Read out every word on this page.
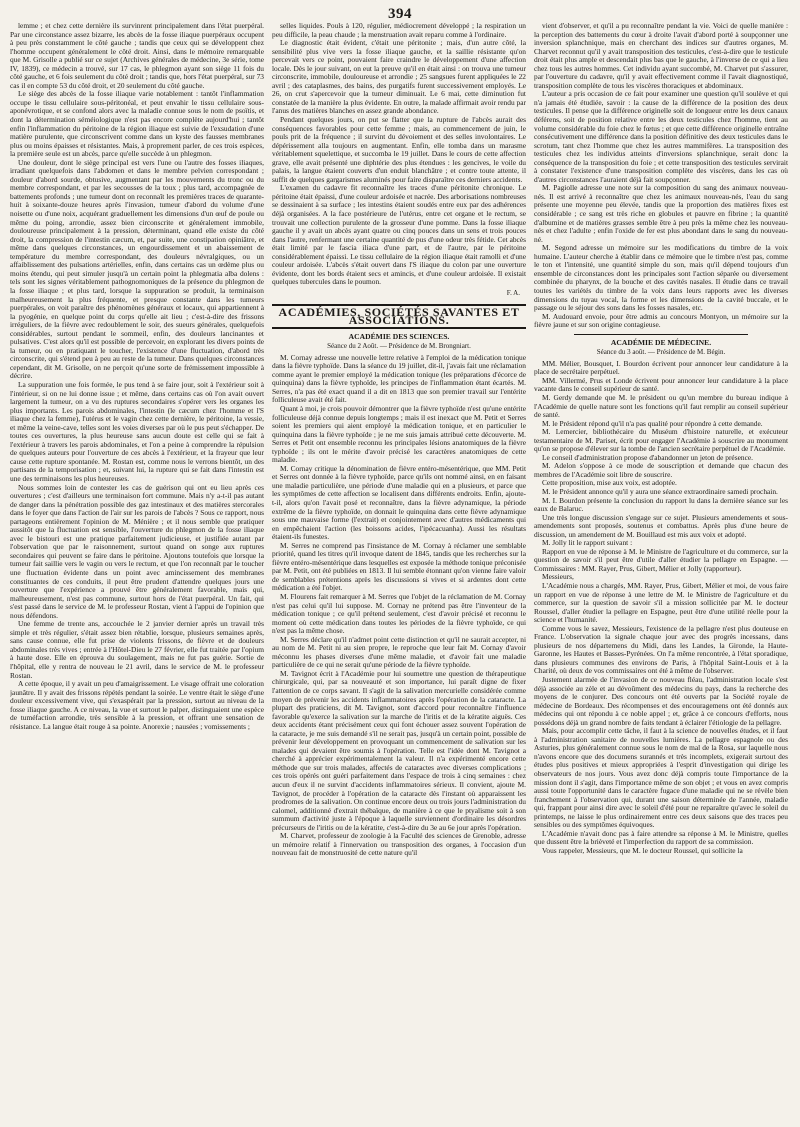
394

lemme ; et chez cette dernière ils survinrent principalement dans l'état puerpéral. Par une circonstance assez bizarre, les abcès de la fosse iliaque puerpéraux occupent à peu près constamment le côté gauche ; tandis que ceux qui se développent chez l'homme occupent généralement le côté droit. Ainsi, dans le mémoire remarquable que M. Grisolle a publié sur ce sujet (Archives générales de médecine, 3e série, tome IV, 1839), ce médecin a trouvé, sur 17 cas, le phlegmon ayant son siège 11 fois du côté gauche, et 6 fois seulement du côté droit ; tandis que, hors l'état puerpéral, sur 73 cas il en compte 53 du côté droit, et 20 seulement du côté gauche.

Le siège des abcès de la fosse iliaque varie notablement : tantôt l'inflammation occupe le tissu cellulaire sous-péritonéal, et peut envahir le tissu cellulaire sous-aponévrotique, et se confond alors avec la maladie connue sous le nom de psoïtis, et dont la détermination séméiologique n'est pas encore complète aujourd'hui ; tantôt enfin l'inflammation du péritoine de la région iliaque est suivie de l'exsudation d'une matière purulente, que circonscrivent comme dans un kyste des fausses membranes plus ou moins épaisses et résistantes. Mais, à proprement parler, de ces trois espèces, la première seule est un abcès, parce qu'elle succède à un phlegmon.

Une douleur, dont le siège principal est vers l'une ou l'autre des fosses iliaques, irradiant quelquefois dans l'abdomen et dans le membre pelvien correspondant ; douleur d'abord sourde, obtusive, augmentant par les mouvements du tronc ou du membre correspondant, et par les secousses de la toux ; plus tard, accompagnée de battements profonds ; une tumeur dont on reconnaît les premières traces de quarante-huit à soixante-douze heures après l'invasion, tumeur d'abord du volume d'une noisette ou d'une noix, acquérant graduellement les dimensions d'un œuf de poule ou même du poing, arrondie, assez bien circonscrite et généralement immobile, douloureuse principalement à la pression, déterminant, quand elle existe du côté droit, la compression de l'intestin cæcum, et, par suite, une constipation opiniâtre, et même dans quelques circonstances, un engourdissement et un abaissement de température du membre correspondant, des douleurs névralgiques, ou un affaiblissement des pulsations artérielles, enfin, dans certains cas un œdème plus ou moins étendu, qui peut simuler jusqu'à un certain point la phlegmatia alba dolens : tels sont les signes véritablement pathognomoniques de la présence du phlegmon de la fosse iliaque ; et plus tard, lorsque la suppuration se produit, la terminaison malheureusement la plus fréquente, et presque constante dans les tumeurs puerpérales, on voit paraître des phénomènes généraux et locaux, qui appartiennent à la pyogénie, en quelque point du corps qu'elle ait lieu ; c'est-à-dire des frissons irréguliers, de la fièvre avec redoublement le soir, des sueurs générales, quelquefois considérables, surtout pendant le sommeil, enfin, des douleurs lancinantes et pulsatives. C'est alors qu'il est possible de percevoir, en explorant les divers points de la tumeur, ou en pratiquant le toucher, l'existence d'une fluctuation, d'abord très circonscrite, qui s'étend peu à peu au reste de la tumeur. Dans quelques circonstances cependant, dit M. Grisolle, on ne perçoit qu'une sorte de frémissement impossible à décrire.

La suppuration une fois formée, le pus tend à se faire jour, soit à l'extérieur soit à l'intérieur, si on ne lui donne issue ; et même, dans certains cas où l'on avait ouvert largement la tumeur, on a vu des ruptures secondaires s'opérer vers les organes les plus importants. Les parois abdominales, l'intestin (le cæcum chez l'homme et l'S iliaque chez la femme), l'utérus et le vagin chez cette dernière, le péritoine, la vessie, et même la veine-cave, telles sont les voies diverses par où le pus peut s'échapper. De toutes ces ouvertures, la plus heureuse sans aucun doute est celle qui se fait à l'extérieur à travers les parois abdominales, et l'on a peine à comprendre la répulsion de quelques auteurs pour l'ouverture de ces abcès à l'extérieur, et la frayeur que leur cause cette rupture spontanée. M. Rostan est, comme nous le verrons bientôt, un des partisans de la temporisation ; et, suivant lui, la rupture qui se fait dans l'intestin est une des terminaisons les plus heureuses.

Nous sommes loin de contester les cas de guérison qui ont eu lieu après ces ouvertures ; c'est d'ailleurs une terminaison fort commune. Mais n'y a-t-il pas autant de danger dans la pénétration possible des gaz intestinaux et des matières stercorales dans le foyer que dans l'action de l'air sur les parois de l'abcès ? Sous ce rapport, nous partageons entièrement l'opinion de M. Ménière ; et il nous semble que pratiquer aussitôt que la fluctuation est sensible, l'ouverture du phlegmon de la fosse iliaque avec le bistouri est une pratique parfaitement judicieuse, et justifiée autant par l'observation que par le raisonnement, surtout quand on songe aux ruptures secondaires qui peuvent se faire dans le péritoine. Ajoutons toutefois que lorsque la tumeur fait saillie vers le vagin ou vers le rectum, et que l'on reconnaît par le toucher une fluctuation évidente dans un point avec amincissement des membranes constituantes de ces conduits, il peut être prudent d'attendre quelques jours une ouverture que l'expérience a prouvé être généralement favorable, mais qui, malheureusement, n'est pas commune, surtout hors de l'état puerpéral. Un fait, qui s'est passé dans le service de M. le professeur Rostan, vient à l'appui de l'opinion que nous défendons.

Une femme de trente ans, accouchée le 2 janvier dernier après un travail très simple et très régulier, s'était assez bien rétablie, lorsque, plusieurs semaines après, sans cause connue, elle fut prise de violents frissons, de fièvre et de douleurs abdominales très vives ; entrée à l'Hôtel-Dieu le 27 février, elle fut traitée par l'opium à haute dose. Elle en éprouva du soulagement, mais ne fut pas guérie. Sortie de l'hôpital, elle y rentra de nouveau le 21 avril, dans le service de M. le professeur Rostan.

A cette époque, il y avait un peu d'amaigrissement. Le visage offrait une coloration jaunâtre. Il y avait des frissons répétés pendant la soirée. Le ventre était le siège d'une douleur excessivement vive, qui s'exaspérait par la pression, surtout au niveau de la fosse iliaque gauche. A ce niveau, la vue et surtout le palper, distinguaient une espèce de tuméfaction arrondie, très sensible à la pression, et offrant une sensation de résistance. La langue était rouge à sa pointe. Anorexie ; nausées ; vomissements ;

selles liquides. Pouls à 120, régulier, médiocrement développé ; la respiration un peu difficile, la peau chaude ; la menstruation avait reparu comme à l'ordinaire.

Le diagnostic était évident, c'était une péritonite ; mais, d'un autre côté, la sensibilité plus vive vers la fosse iliaque gauche, et la saillie résistante qu'on percevait vers ce point, pouvaient faire craindre le développement d'une affection locale. Dès le jour suivant, on eut la preuve qu'il en était ainsi : on trouva une tumeur circonscrite, immobile, douloureuse et arrondie ; 25 sangsues furent appliquées le 22 avril ; des cataplasmes, des bains, des purgatifs furent successivement employés. Le 26, on crut s'apercevoir que la tumeur diminuait. Le 6 mai, cette diminution fut constatée de la manière la plus évidente. En outre, la malade affirmait avoir rendu par l'anus des matières blanches en assez grande abondance.

Pendant quelques jours, on put se flatter que la rupture de l'abcès aurait des conséquences favorables pour cette femme ; mais, au commencement de juin, le pouls prit de la fréquence ; il survint du dévoiement et des selles involontaires. Le dépérissement alla toujours en augmentant. Enfin, elle tomba dans un marasme véritablement squelettique, et succomba le 19 juillet. Dans le cours de cette affection grave, elle avait présenté une diphtérie des plus étendues : les gencives, le voile du palais, la langue étaient couverts d'un enduit blanchâtre ; et contre toute attente, il suffit de quelques gargarismes aluminés pour faire disparaître ces derniers accidents.

L'examen du cadavre fit reconnaître les traces d'une péritonite chronique. Le péritoine était épaissi, d'une couleur ardoisée et nacrée. Des arborisations nombreuses se dessinaient à sa surface ; les intestins étaient soudés entre eux par des adhérences déjà organisées. A la face postérieure de l'utérus, entre cet organe et le rectum, se trouvait une collection purulente de la grosseur d'une pomme. Dans la fosse iliaque gauche il y avait un abcès ayant quatre ou cinq pouces dans un sens et trois pouces dans l'autre, renfermant une certaine quantité de pus d'une odeur très fétide. Cet abcès était limité par le fascia iliaca d'une part, et de l'autre, par le péritoine considérablement épaissi. Le tissu cellulaire de la région iliaque était ramolli et d'une couleur ardoisée. L'abcès s'était ouvert dans l'S iliaque du colon par une ouverture évidente, dont les bords étaient secs et amincis, et d'une couleur ardoisée. Il existait quelques tubercules dans le poumon.

F. A.
ACADÉMIES, SOCIÉTÉS SAVANTES ET ASSOCIATIONS.
ACADÉMIE DES SCIENCES.
Séance du 2 Août. — Présidence de M. Brongniart.

M. Cornay adresse une nouvelle lettre relative à l'emploi de la médication tonique dans la fièvre typhoïde. Dans la séance du 19 juillet, dit-il, j'avais fait une réclamation comme ayant le premier employé la médication tonique (les préparations d'écorce de quinquina) dans la fièvre typhoïde, les principes de l'inflammation étant écartés. M. Serres, n'a pas été exact quand il a dit en 1813 que son premier travail sur l'entérite folliculeuse avait été fait.

Quant à moi, je crois pouvoir démontrer que la fièvre typhoïde n'est qu'une entérite folliculeuse déjà connue depuis longtemps ; mais il est inexact que M. Petit et Serres soient les premiers qui aient employé la médication tonique, et en particulier le quinquina dans la fièvre typhoïde ; je ne me suis jamais attribué cette découverte. M. Serres et Petit ont ensemble reconnu les principales lésions anatomiques de la fièvre typhoïde ; ils ont le mérite d'avoir précisé les caractères anatomiques de cette maladie.

M. Cornay critique la dénomination de fièvre entéro-mésentérique, que MM. Petit et Serres ont donnée à la fièvre typhoïde, parce qu'ils ont nommé ainsi, en en faisant une maladie particulière, une période d'une maladie qui en a plusieurs, et parce que les symptômes de cette affection se localisent dans différents endroits. Enfin, ajoute-t-il, alors qu'on l'avait posé et reconnaître, dans la fièvre adynamique, la période extrême de la fièvre typhoïde, on donnait le quinquina dans cette fièvre adynamique sous une mauvaise forme (l'extrait) et conjointement avec d'autres médicaments qui en empêchaient l'action (les boissons acides, l'ipécacuanha). Aussi les résultats étaient-ils funestes.

M. Serres ne comprend pas l'insistance de M. Cornay à réclamer une semblable priorité, quand les titres qu'il invoque datent de 1845, tandis que les recherches sur la fièvre entéro-mésentérique dans lesquelles est exposée la méthode tonique préconisée par M. Petit, ont été publiées en 1813. Il lui semble étonnant qu'on vienne faire valoir de semblables prétentions après les discussions si vives et si ardentes dont cette médication a été l'objet.

M. Flourens fait remarquer à M. Serres que l'objet de la réclamation de M. Cornay n'est pas celui qu'il lui suppose. M. Cornay ne prétend pas être l'inventeur de la médication tonique ; ce qu'il prétend seulement, c'est d'avoir précisé et reconnu le moment où cette médication dans toutes les périodes de la fièvre typhoïde, ce qui n'est pas la même chose.

M. Serres déclare qu'il n'admet point cette distinction et qu'il ne saurait accepter, ni au nom de M. Petit ni au sien propre, le reproche que leur fait M. Cornay d'avoir méconnu les phases diverses d'une même maladie, et d'avoir fait une maladie particulière de ce qui ne serait qu'une période de la fièvre typhoïde.

M. Tavignot écrit à l'Académie pour lui soumettre une question de thérapeutique chirurgicale, qui, par sa nouveauté et son importance, lui paraît digne de fixer l'attention de ce corps savant. Il s'agit de la salivation mercurielle considérée comme moyen de prévenir les accidents inflammatoires après l'opération de la cataracte. La plupart des praticiens, dit M. Tavignot, sont d'accord pour reconnaître l'influence favorable qu'exerce la salivation sur la marche de l'iritis et de la kératite aiguës. Ces deux accidents étant précisément ceux qui font échouer assez souvent l'opération de la cataracte, je me suis demandé s'il ne serait pas, jusqu'à un certain point, possible de prévenir leur développement en provoquant un commencement de salivation sur les malades qui devaient être soumis à l'opération. Telle est l'idée dont M. Tavignot a cherché à apprécier expérimentalement la valeur. Il n'a expérimenté encore cette méthode que sur trois malades, affectés de cataractes avec diverses complications ; ces trois opérés ont guéri parfaitement dans l'espace de trois à cinq semaines : chez aucun d'eux il ne survint d'accidents inflammatoires sérieux. Il convient, ajoute M. Tavignot, de procéder à l'opération de la cataracte dès l'instant où apparaissent les prodromes de la salivation. On continue encore deux ou trois jours l'administration du calomel, additionné d'extrait thébaïque, de manière à ce que le ptyalisme soit à son summum d'activité juste à l'époque à laquelle surviennent d'ordinaire les désordres précurseurs de l'iritis ou de la kératite, c'est-à-dire du 3e au 6e jour après l'opération.

M. Charvet, professeur de zoologie à la Faculté des sciences de Grenoble, adresse un mémoire relatif à l'innervation ou transposition des organes, à l'occasion d'un nouveau fait de monstruosité de cette nature qu'il

vient d'observer, et qu'il a pu reconnaître pendant la vie. Voici de quelle manière : la perception des battements du cœur à droite l'avait d'abord porté à soupçonner une inversion splanchnique, mais en cherchant des indices sur d'autres organes, M. Charvet reconnut qu'il y avait transposition des testicules, c'est-à-dire que le testicule droit était plus ample et descendait plus bas que le gauche, à l'inverse de ce qui a lieu chez tous les autres hommes. Cet individu ayant succombé, M. Charvet put s'assurer, par l'ouverture du cadavre, qu'il y avait effectivement comme il l'avait diagnostiqué, transposition complète de tous les viscères thoraciques et abdominaux.

L'auteur a pris occasion de ce fait pour examiner une question qu'il soulève et qui n'a jamais été étudiée, savoir : la cause de la différence de la position des deux testicules. Il pense que la différence originelle soit de longueur entre les deux canaux déférens, soit de position relative entre les deux testicules chez l'homme, tient au volume considérable du foie chez le fœtus ; et que cette différence originelle entraîne consécutivement une différence dans la position définitive des deux testicules dans le scrotum, tant chez l'homme que chez les autres mammifères. La transposition des testicules chez les individus atteints d'inversions splanchnique, serait donc la conséquence de la transposition du foie ; et cette transposition des testicules servirait à constater l'existence d'une transposition complète des viscères, dans les cas où d'autres circonstances l'auraient déjà fait soupçonner.

M. Pagiolle adresse une note sur la composition du sang des animaux nouveau-nés. Il est arrivé à reconnaître que chez les animaux nouveau-nés, l'eau du sang présente une moyenne peu élevée, tandis que la proportion des matières fixes est considérable ; ce sang est très riche en globules et pauvre en fibrine ; la quantité d'albumine et de matières grasses semble être à peu près la même chez les nouveau-nés et chez l'adulte ; enfin l'oxide de fer est plus abondant dans le sang du nouveau-né.

M. Segond adresse un mémoire sur les modifications du timbre de la voix humaine. L'auteur cherche à établir dans ce mémoire que le timbre n'est pas, comme le ton et l'intensité, une quantité simple du son, mais qu'il dépend toujours d'un ensemble de circonstances dont les principales sont l'action séparée ou diversement combinée du pharynx, de la bouche et des cavités nasales. Il étudie dans ce travail toutes les variétés du timbre de la voix dans leurs rapports avec les diverses dimensions du tuyau vocal, la forme et les dimensions de la cavité buccale, et le passage ou le séjour des sons dans les fosses nasales, etc.

M. Audouard envoie, pour être admis au concours Montyon, un mémoire sur la fièvre jaune et sur son origine contagieuse.

ACADÉMIE DE MÉDECINE.
Séance du 3 août. — Présidence de M. Bégin.

MM. Mélier, Bousquet, I. Bourdon écrivent pour annoncer leur candidature à la place de secrétaire perpétuel.

MM. Villermé, Prus et Londe écrivent pour annoncer leur candidature à la place vacante dans le conseil supérieur de santé.

M. Gerdy demande que M. le président ou qu'un membre du bureau indique à l'Académie de quelle nature sont les fonctions qu'il faut remplir au conseil supérieur de santé.

M. le Président répond qu'il n'a pas qualité pour répondre à cette demande.

M. Lemercier, bibliothécaire du Muséum d'histoire naturelle, et exécuteur testamentaire de M. Pariset, écrit pour engager l'Académie à souscrire au monument qu'on se propose d'élever sur la tombe de l'ancien secrétaire perpétuel de l'Académie.

Le conseil d'administration propose d'abandonner un jeton de présence.

M. Adelon s'oppose à ce mode de souscription et demande que chacun des membres de l'Académie soit libre de souscrire.

Cette proposition, mise aux voix, est adoptée.

M. le Président annonce qu'il y aura une séance extraordinaire samedi prochain.

M. I. Bourdon présente la conclusion du rapport lu dans la dernière séance sur les eaux de Balaruc.

Une très longue discussion s'engage sur ce sujet. Plusieurs amendements et sous-amendements sont proposés, soutenus et combattus. Après plus d'une heure de discussion, un amendement de M. Bouillaud est mis aux voix et adopté.

M. Jolly lit le rapport suivant :

Rapport en vue de réponse à M. le Ministre de l'agriculture et du commerce, sur la question de savoir s'il peut être d'utile d'aller étudier la pellagre en Espagne. — Commissaires : MM. Rayer, Prus, Gibert, Mélier et Jolly (rapporteur).

Messieurs,

L'Académie nous a chargés, MM. Rayer, Prus, Gibert, Mélier et moi, de vous faire un rapport en vue de réponse à une lettre de M. le Ministre de l'agriculture et du commerce, sur la question de savoir s'il a mission sollicitée par M. le docteur Roussel, d'aller étudier la pellagre en Espagne, peut être d'une utilité réelle pour la science et l'humanité.

Comme vous le savez, Messieurs, l'existence de la pellagre n'est plus douteuse en France. L'observation la signale chaque jour avec des progrès incessans, dans plusieurs de nos départemens du Midi, dans les Landes, la Gironde, la Haute-Garonne, les Hautes et Basses-Pyrénées. On l'a même rencontrée, à l'état sporadique, dans plusieurs communes des environs de Paris, à l'hôpital Saint-Louis et à la Charité, où deux de vos commissaires ont été à même de l'observer.

Justement alarmée de l'invasion de ce nouveau fléau, l'administration locale s'est déjà associée au zèle et au dévoûment des médecins du pays, dans la recherche des moyens de le conjurer. Des concours ont été ouverts par la Société royale de médecine de Bordeaux. Des récompenses et des encouragemens ont été donnés aux médecins qui ont répondu à ce noble appel ; et, grâce à ce concours d'efforts, nous possédons déjà un grand nombre de faits tendant à éclairer l'étiologie de la pellagre.

Mais, pour accomplir cette tâche, il faut à la science de nouvelles études, et il faut à l'administration sanitaire de nouvelles lumières. La pellagre espagnole ou des Asturies, plus généralement connue sous le nom de mal de la Rosa, sur laquelle nous n'avons encore que des documens surannés et très incomplets, exigerait surtout des études plus positives et mieux appropriées à l'esprit d'investigation qui dirige les observateurs de nos jours. Vous avez donc déjà compris toute l'importance de la mission dont il s'agit, dans l'importance même de son objet ; et vous en avez compris aussi toute l'opportunité dans le caractère fugace d'une maladie qui ne se révèle bien franchement à l'observation qui, durant une saison déterminée de l'année, maladie qui, frappant pour ainsi dire avec le soleil d'été pour ne reparaître qu'avec le soleil du printemps, ne laisse le plus ordinairement entre ces deux saisons que des traces peu sensibles ou des symptômes équivoques.

L'Académie n'avait donc pas à faire attendre sa réponse à M. le Ministre, quelles que dussent être la brièveté et l'imperfection du rapport de sa commission.

Vous rappeler, Messieurs, que M. le docteur Roussel, qui sollicite la
